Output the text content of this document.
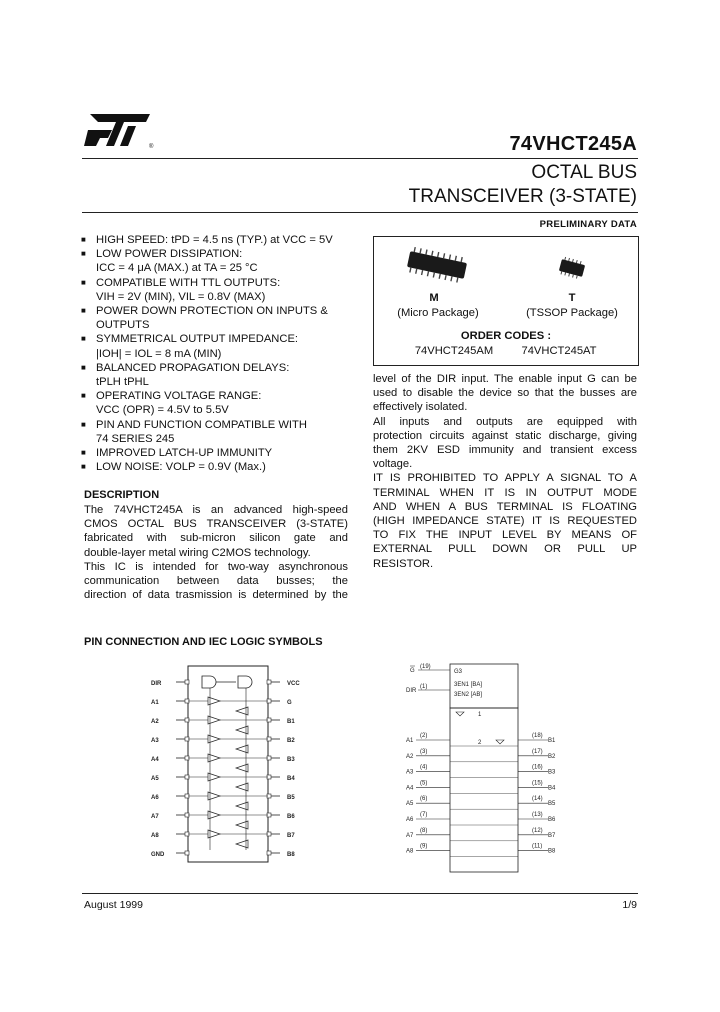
®	74VHCT245A
OCTAL BUS
TRANSCEIVER (3-STATE)
PRELIMINARY DATA
■ HIGH SPEED: tPD = 4.5 ns (TYP.) at VCC = 5V
■ LOW POWER DISSIPATION:
ICC = 4 μA (MAX.) at TA = 25 °C
■ COMPATIBLE WITH TTL OUTPUTS:
VIH = 2V (MIN), VIL = 0.8V (MAX)
■ POWER DOWN PROTECTION ON INPUTS &
OUTPUTS
■ SYMMETRICAL OUTPUT IMPEDANCE:
|IOH| = IOL = 8 mA (MIN)
■ BALANCED PROPAGATION DELAYS:
tPLH tPHL
■ OPERATING VOLTAGE RANGE:
VCC (OPR) = 4.5V to 5.5V
■ PIN AND FUNCTION COMPATIBLE WITH
74 SERIES 245
■ IMPROVED LATCH-UP IMMUNITY
■ LOW NOISE: VOLP = 0.9V (Max.)
M
(Micro Package)
T
(TSSOP Package)
ORDER CODES :
74VHCT245AM	74VHCT245AT
DESCRIPTION

The 74VHCT245A is an advanced high-speed

CMOS OCTAL BUS TRANSCEIVER (3-STATE)

fabricated with sub-micron silicon gate and

double-layer metal wiring C2MOS technology.

This IC is intended for two-way asynchronous

communication between data busses; the

direction of data trasmission is determined by the

level of the DIR input. The enable input G can be

used to disable the device so that the busses are

effectively isolated.

All inputs and outputs are equipped with

protection circuits against static discharge, giving

them 2KV ESD immunity and transient excess

voltage.

IT IS PROHIBITED TO APPLY A SIGNAL TO A

TERMINAL WHEN IT IS IN OUTPUT MODE

AND WHEN A BUS TERMINAL IS FLOATING

(HIGH IMPEDANCE STATE) IT IS REQUESTED

TO FIX THE INPUT LEVEL BY MEANS OF

EXTERNAL PULL DOWN OR PULL UP

RESISTOR.

PIN CONNECTION AND IEC LOGIC SYMBOLS
DIR
A1
A2
A3
A4
A5
A6
A7
A8
GND
VCC
G
B1
B2
B3
B4
B5
B6
B7
B8
G3
3EN1 [BA]
3EN2 [AB]
1
2
G
DIR
(19)
(1)
A1
(2)
B1
(18)
A2
(3)
B2
(17)
A3
(4)
B3
(16)
A4
(5)
B4
(15)
A5
(6)
B5
(14)
A6
(7)
B6
(13)
A7
(8)
B7
(12)
A8
(9)
B8
(11)
August 1999	1/9
